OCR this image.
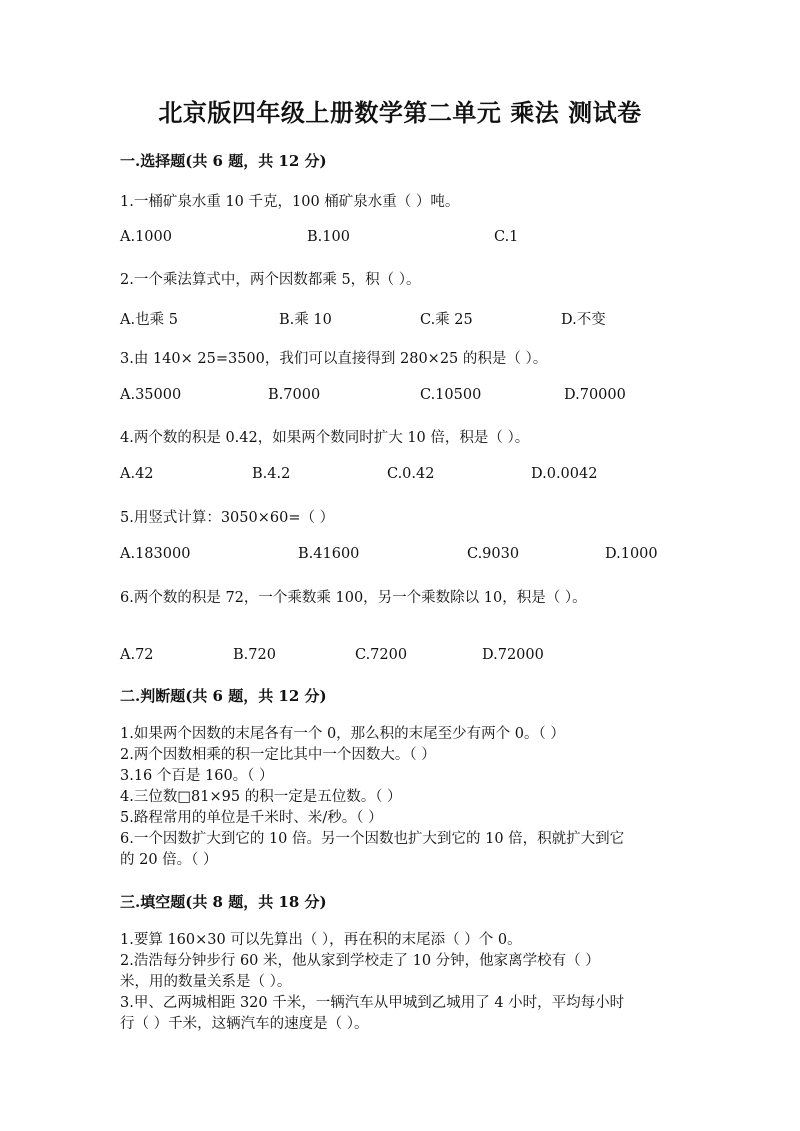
北京版四年级上册数学第二单元 乘法 测试卷
一.选择题(共 6 题，共 12 分)
1.一桶矿泉水重 10 千克，100 桶矿泉水重（ ）吨。
A.1000	B.100	C.1
2.一个乘法算式中，两个因数都乘 5，积（ ）。
A.也乘 5	B.乘 10	C.乘 25	D.不变
3.由 140× 25=3500，我们可以直接得到 280×25 的积是（ ）。
A.35000	B.7000	C.10500	D.70000
4.两个数的积是 0.42，如果两个数同时扩大 10 倍，积是（ ）。
A.42	B.4.2	C.0.42	D.0.0042
5.用竖式计算：3050×60=（ ）
A.183000	B.41600	C.9030	D.1000
6.两个数的积是 72，一个乘数乘 100，另一个乘数除以 10，积是（ ）。
A.72	B.720	C.7200	D.72000
二.判断题(共 6 题，共 12 分)
1.如果两个因数的末尾各有一个 0，那么积的末尾至少有两个 0。（ ）
2.两个因数相乘的积一定比其中一个因数大。（ ）
3.16 个百是 160。（ ）
4.三位数□81×95 的积一定是五位数。（ ）
5.路程常用的单位是千米时、米/秒。（ ）
6.一个因数扩大到它的 10 倍。另一个因数也扩大到它的 10 倍，积就扩大到它
的 20 倍。（ ）
三.填空题(共 8 题，共 18 分)
1.要算 160×30 可以先算出（ ），再在积的末尾添（ ）个 0。
2.浩浩每分钟步行 60 米，他从家到学校走了 10 分钟，他家离学校有（ ）
米，用的数量关系是（ ）。
3.甲、乙两城相距 320 千米，一辆汽车从甲城到乙城用了 4 小时，平均每小时
行（ ）千米，这辆汽车的速度是（ ）。
